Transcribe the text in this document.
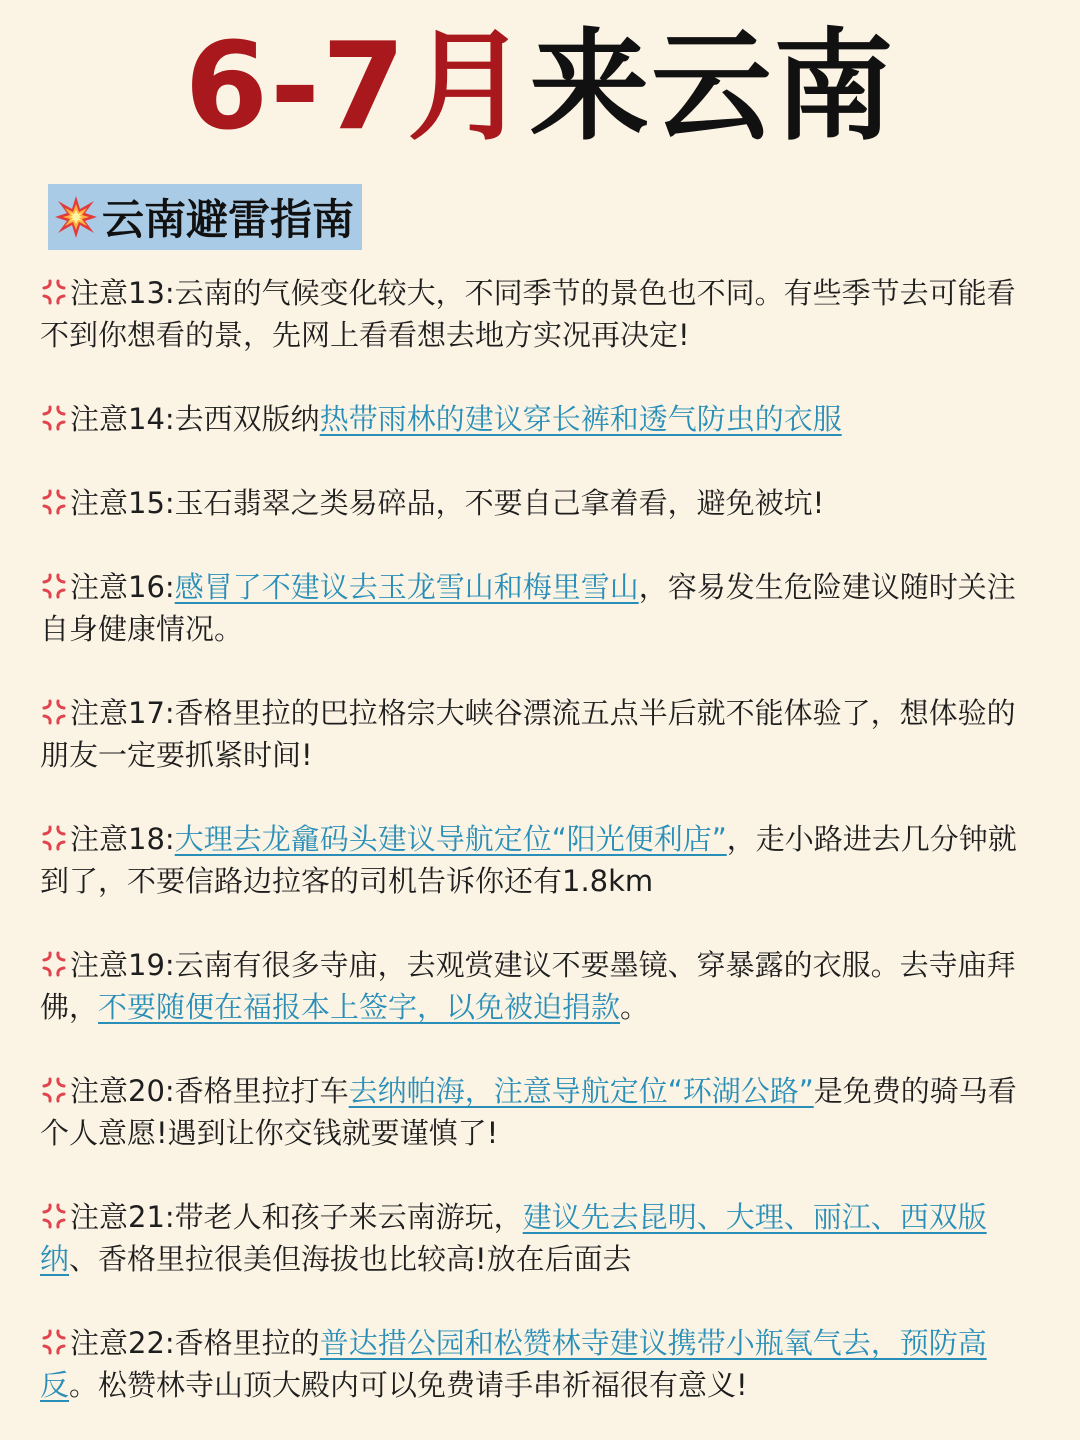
6-7月来云南
云南避雷指南
注意13:云南的气候变化较大，不同季节的景色也不同。有些季节去可能看不到你想看的景，先网上看看想去地方实况再决定!
注意14:去西双版纳热带雨林的建议穿长裤和透气防虫的衣服
注意15:玉石翡翠之类易碎品，不要自己拿着看，避免被坑!
注意16:感冒了不建议去玉龙雪山和梅里雪山，容易发生危险建议随时关注自身健康情况。
注意17:香格里拉的巴拉格宗大峡谷漂流五点半后就不能体验了，想体验的朋友一定要抓紧时间!
注意18:大理去龙龕码头建议导航定位“阳光便利店”，走小路进去几分钟就到了，不要信路边拉客的司机告诉你还有1.8km
注意19:云南有很多寺庙，去观赏建议不要墨镜、穿暴露的衣服。去寺庙拜佛，不要随便在福报本上签字，以免被迫捐款。
注意20:香格里拉打车去纳帕海，注意导航定位“环湖公路”是免费的骑马看个人意愿!遇到让你交钱就要谨慎了!
注意21:带老人和孩子来云南游玩，建议先去昆明、大理、丽江、西双版纳、香格里拉很美但海拔也比较高!放在后面去
注意22:香格里拉的普达措公园和松赞林寺建议携带小瓶氧气去，预防高反。松赞林寺山顶大殿内可以免费请手串祈福很有意义!
